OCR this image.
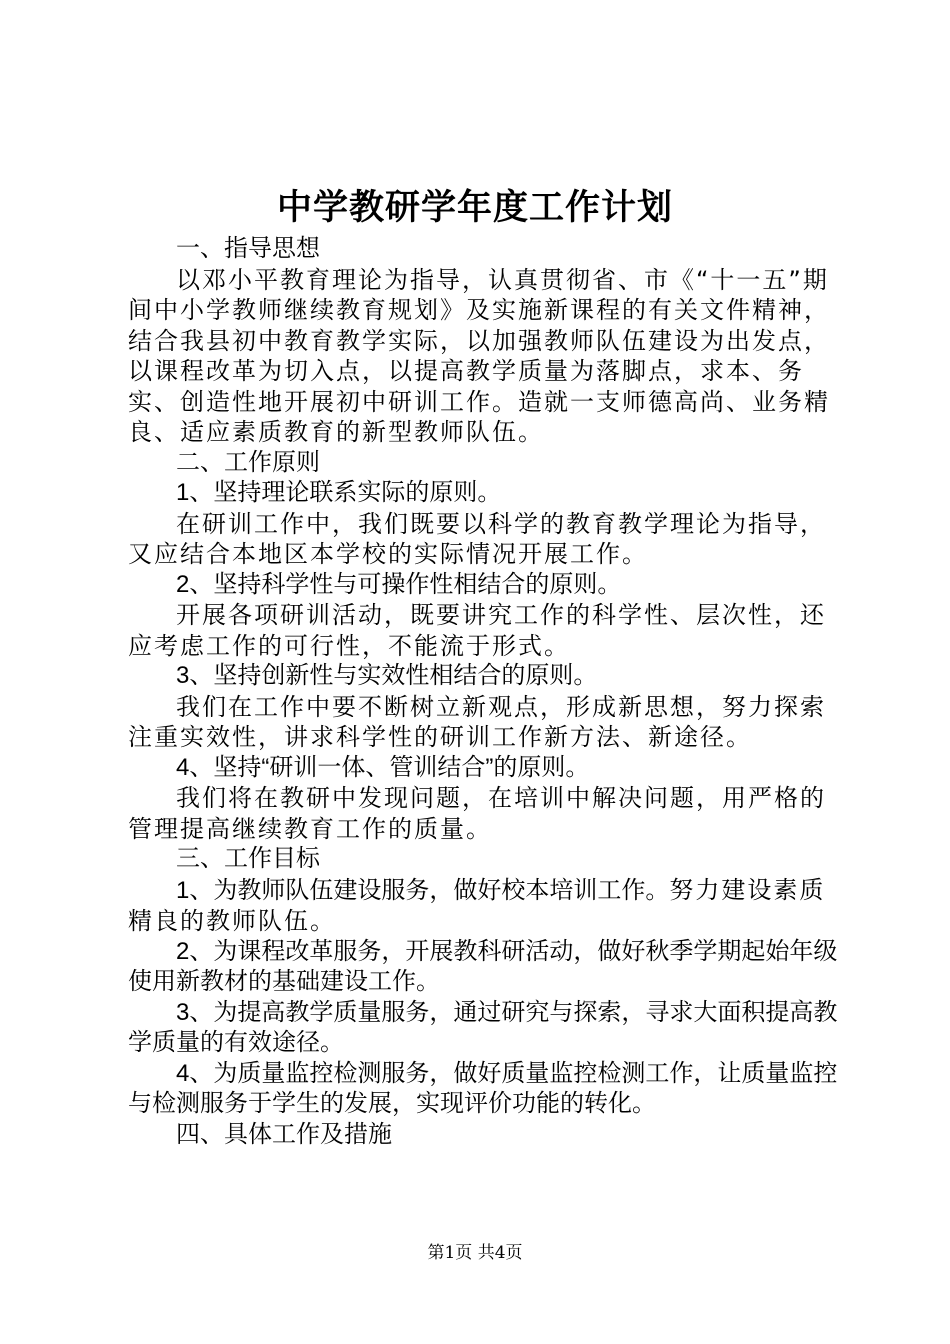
中学教研学年度工作计划

一、指导思想

以邓小平教育理论为指导，认真贯彻省、市《“十一五”期间中小学教师继续教育规划》及实施新课程的有关文件精神，结合我县初中教育教学实际，以加强教师队伍建设为出发点，以课程改革为切入点，以提高教学质量为落脚点，求本、务实、创造性地开展初中研训工作。造就一支师德高尚、业务精良、适应素质教育的新型教师队伍。

二、工作原则

1、坚持理论联系实际的原则。

在研训工作中，我们既要以科学的教育教学理论为指导，又应结合本地区本学校的实际情况开展工作。

2、坚持科学性与可操作性相结合的原则。

开展各项研训活动，既要讲究工作的科学性、层次性，还应考虑工作的可行性，不能流于形式。

3、坚持创新性与实效性相结合的原则。

我们在工作中要不断树立新观点，形成新思想，努力探索注重实效性，讲求科学性的研训工作新方法、新途径。

4、坚持“研训一体、管训结合”的原则。

我们将在教研中发现问题，在培训中解决问题，用严格的管理提高继续教育工作的质量。

三、工作目标

1、为教师队伍建设服务，做好校本培训工作。努力建设素质精良的教师队伍。

2、为课程改革服务，开展教科研活动，做好秋季学期起始年级使用新教材的基础建设工作。

3、为提高教学质量服务，通过研究与探索，寻求大面积提高教学质量的有效途径。

4、为质量监控检测服务，做好质量监控检测工作，让质量监控与检测服务于学生的发展，实现评价功能的转化。

四、具体工作及措施

第1页 共4页
